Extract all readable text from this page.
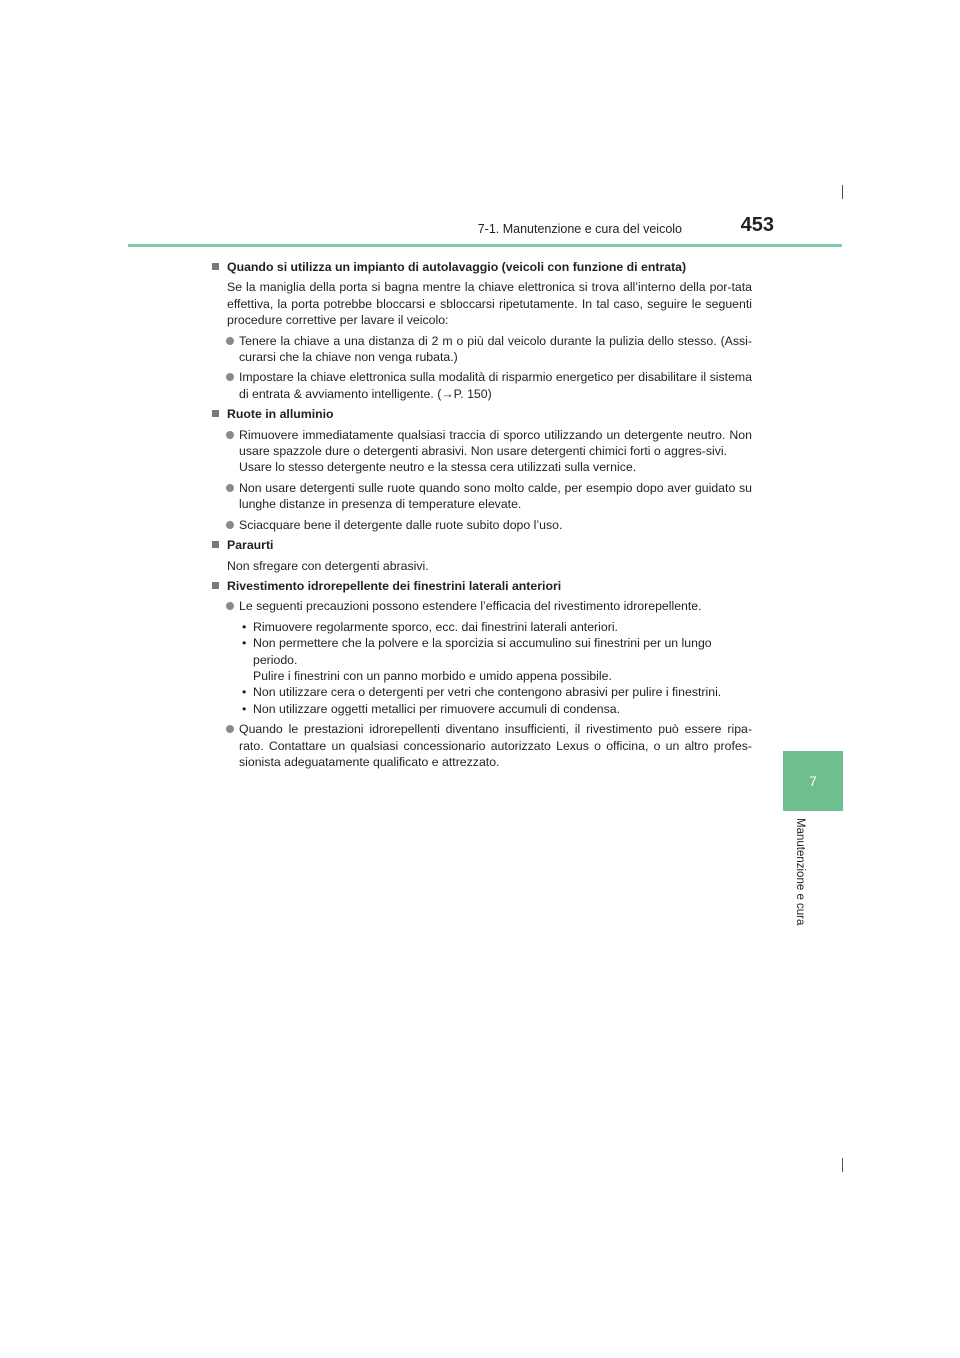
7-1. Manutenzione e cura del veicolo	453
7
Manutenzione e cura
Quando si utilizza un impianto di autolavaggio (veicoli con funzione di entrata)
Se la maniglia della porta si bagna mentre la chiave elettronica si trova all’interno della por-tata effettiva, la porta potrebbe bloccarsi e sbloccarsi ripetutamente. In tal caso, seguire le seguenti procedure correttive per lavare il veicolo:
Tenere la chiave a una distanza di 2 m o più dal veicolo durante la pulizia dello stesso. (Assi-curarsi che la chiave non venga rubata.)
Impostare la chiave elettronica sulla modalità di risparmio energetico per disabilitare il sistema di entrata & avviamento intelligente. (→P. 150)
Ruote in alluminio
Rimuovere immediatamente qualsiasi traccia di sporco utilizzando un detergente neutro. Non usare spazzole dure o detergenti abrasivi. Non usare detergenti chimici forti o aggres-sivi.
Usare lo stesso detergente neutro e la stessa cera utilizzati sulla vernice.
Non usare detergenti sulle ruote quando sono molto calde, per esempio dopo aver guidato su lunghe distanze in presenza di temperature elevate.
Sciacquare bene il detergente dalle ruote subito dopo l’uso.
Paraurti
Non sfregare con detergenti abrasivi.
Rivestimento idrorepellente dei finestrini laterali anteriori
Le seguenti precauzioni possono estendere l’efficacia del rivestimento idrorepellente.
• Rimuovere regolarmente sporco, ecc. dai finestrini laterali anteriori.
• Non permettere che la polvere e la sporcizia si accumulino sui finestrini per un lungo periodo.
Pulire i finestrini con un panno morbido e umido appena possibile.
• Non utilizzare cera o detergenti per vetri che contengono abrasivi per pulire i finestrini.
• Non utilizzare oggetti metallici per rimuovere accumuli di condensa.
Quando le prestazioni idrorepellenti diventano insufficienti, il rivestimento può essere ripa-rato. Contattare un qualsiasi concessionario autorizzato Lexus o officina, o un altro profes-sionista adeguatamente qualificato e attrezzato.
